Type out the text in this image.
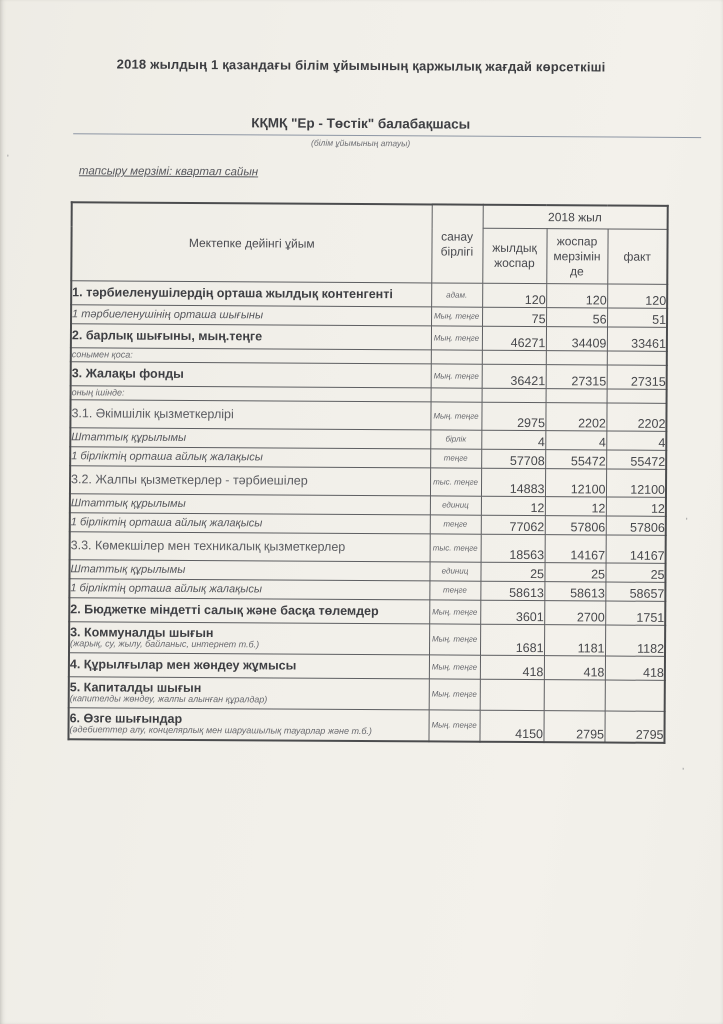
2018 жылдың 1 қазандағы білім ұйымының қаржылық жағдай көрсеткіші
КҚМҚ "Ер - Төстік" балабақшасы
(білім ұйымының атауы)
тапсыру мерзімі: квартал сайын
Мектепке дейінгі ұйым	санау бірлігі	2018 жыл		
		жылдық жоспар	жоспар мерзімін де	факт

1. тәрбиеленушілердің орташа жылдық контенгенті	адам.	120	120	120

1 тәрбиеленушінің орташа шығыны	Мың. теңге	75	56	51

2. барлық шығыны, мың.теңге	Мың. теңге	46271	34409	33461

сонымен қоса:				

3. Жалақы фонды	Мың. теңге	36421	27315	27315

оның ішінде:				

3.1. Әкімшілік қызметкерлірі	Мың. теңге	2975	2202	2202

Штаттық құрылымы	бірлік	4	4	4

1 бірліктің орташа айлық жалақысы	теңге	57708	55472	55472

3.2. Жалпы қызметкерлер - тәрбиешілер	тыс. теңге	14883	12100	12100

Штаттық құрылымы	единиц	12	12	12

1 бірліктің орташа айлық жалақысы	теңге	77062	57806	57806

3.3. Көмекшілер мен техникалық қызметкерлер	тыс. теңге	18563	14167	14167

Штаттық құрылымы	единиц	25	25	25

1 бірліктің орташа айлық жалақысы	теңге	58613	58613	58657

2. Бюджетке міндетті салық және басқа төлемдер	Мың. теңге	3601	2700	1751

3. Коммуналды шығын
(жарық, су, жылу, байланыс, интернет т.б.)	Мың. теңге	1681	1181	1182

4. Құрылғылар мен жөндеу жұмысы	Мың. теңге	418	418	418

5. Капиталды шығын
(капителды жөндеу, жалпы алынған құралдар)	Мың. теңге			

6. Өзге шығындар
(әдебиеттер алу, концелярлық мен шаруашылық тауарлар және т.б.)	Мың. теңге	4150	2795	2795
'
‛
'
